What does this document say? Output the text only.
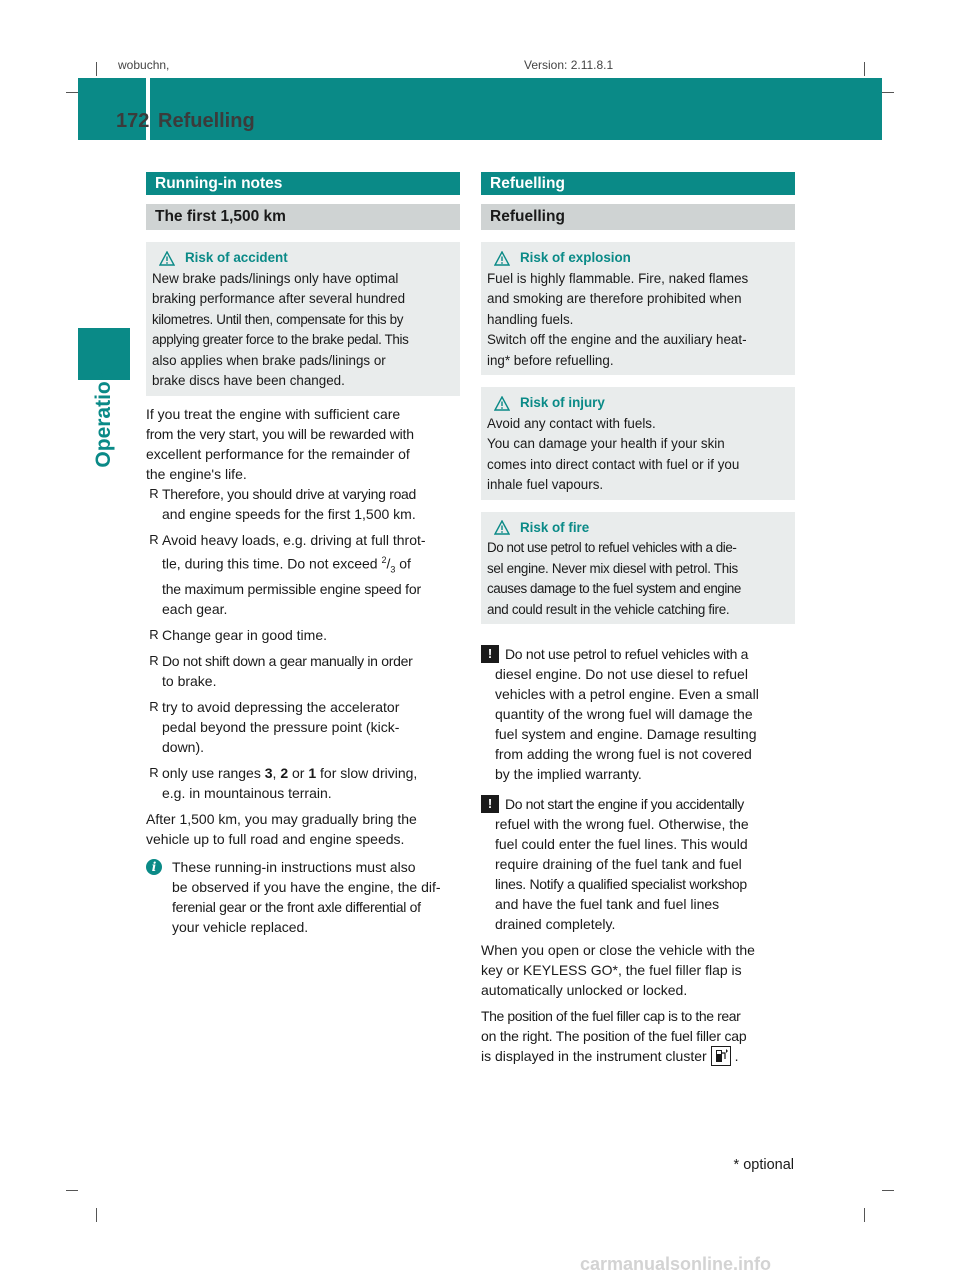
wobuchn,	Version: 2.11.8.1
172 Refuelling
Operation
Running-in notes
The first 1,500 km
Risk of accident

New brake pads/linings only have optimal

braking performance after several hundred

kilometres. Until then, compensate for this by

applying greater force to the brake pedal. This

also applies when brake pads/linings or

brake discs have been changed.

If you treat the engine with sufficient care

from the very start, you will be rewarded with

excellent performance for the remainder of

the engine's life.

R Therefore, you should drive at varying road

and engine speeds for the first 1,500 km.

R Avoid heavy loads, e.g. driving at full throt-

tle, during this time. Do not exceed $^2/_3$ of

the maximum permissible engine speed for

each gear.

R Change gear in good time.

R Do not shift down a gear manually in order

to brake.

R try to avoid depressing the accelerator

pedal beyond the pressure point (kick-

down).

R only use ranges 3, 2 or 1 for slow driving,

e.g. in mountainous terrain.

After 1,500 km, you may gradually bring the

vehicle up to full road and engine speeds.

i	These running-in instructions must also

be observed if you have the engine, the dif-

ferenial gear or the front axle differential of

your vehicle replaced.

Refuelling
Refuelling
Risk of explosion

Fuel is highly flammable. Fire, naked flames

and smoking are therefore prohibited when

handling fuels.

Switch off the engine and the auxiliary heat-

ing* before refuelling.

Risk of injury

Avoid any contact with fuels.

You can damage your health if your skin

comes into direct contact with fuel or if you

inhale fuel vapours.

Risk of fire

Do not use petrol to refuel vehicles with a die-

sel engine. Never mix diesel with petrol. This

causes damage to the fuel system and engine

and could result in the vehicle catching fire.

! Do not use petrol to refuel vehicles with a

diesel engine. Do not use diesel to refuel

vehicles with a petrol engine. Even a small

quantity of the wrong fuel will damage the

fuel system and engine. Damage resulting

from adding the wrong fuel is not covered

by the implied warranty.

! Do not start the engine if you accidentally

refuel with the wrong fuel. Otherwise, the

fuel could enter the fuel lines. This would

require draining of the fuel tank and fuel

lines. Notify a qualified specialist workshop

and have the fuel tank and fuel lines

drained completely.

When you open or close the vehicle with the

key or KEYLESS GO*, the fuel filler flap is

automatically unlocked or locked.

The position of the fuel filler cap is to the rear

on the right. The position of the fuel filler cap

is displayed in the instrument cluster .

* optional
carmanualsonline.info
